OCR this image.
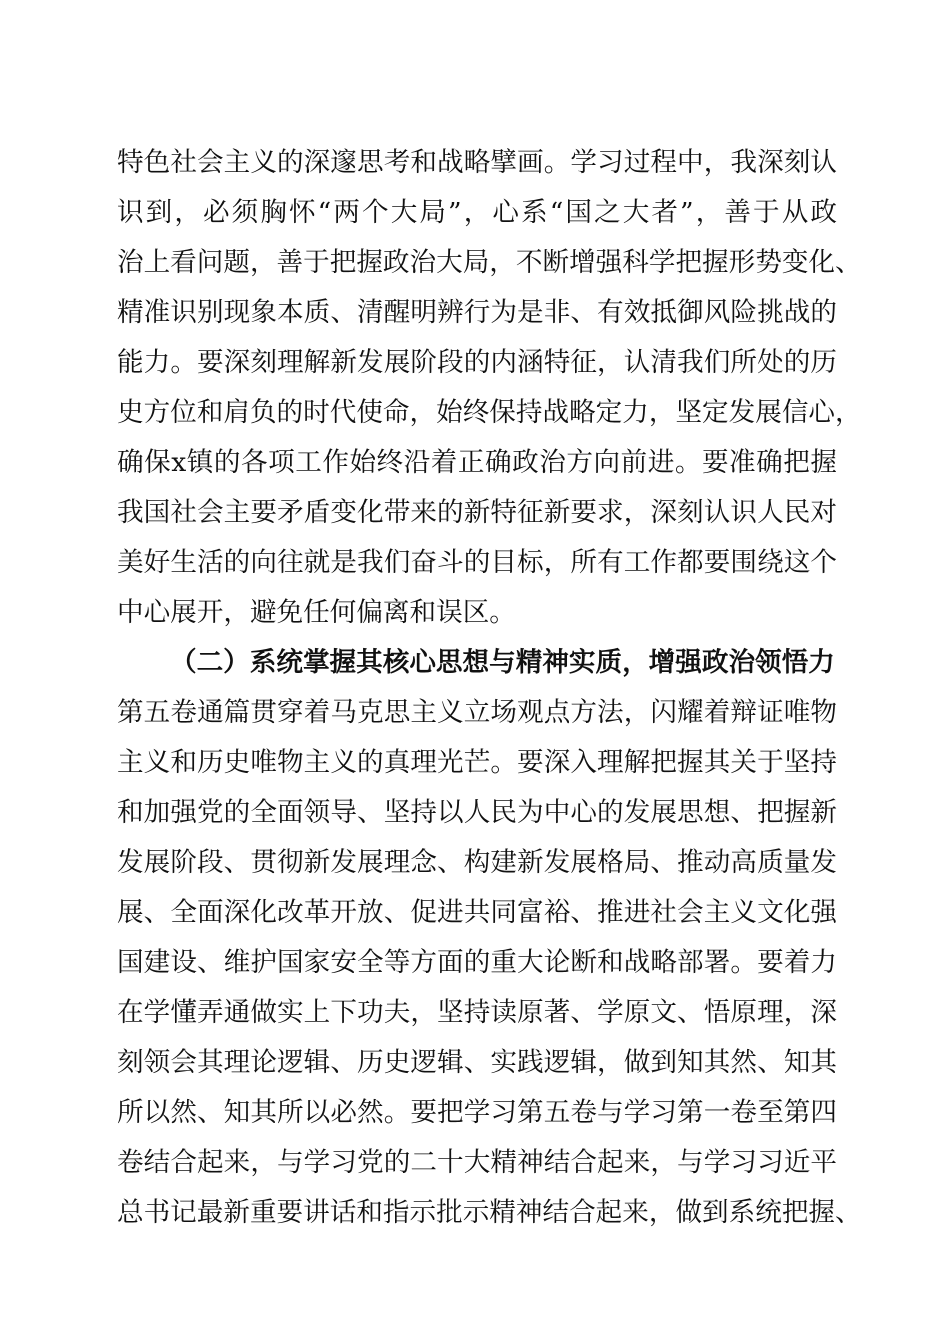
特色社会主义的深邃思考和战略擘画。学习过程中，我深刻认
识到，必须胸怀“两个大局”，心系“国之大者”，善于从政
治上看问题，善于把握政治大局，不断增强科学把握形势变化、
精准识别现象本质、清醒明辨行为是非、有效抵御风险挑战的
能力。要深刻理解新发展阶段的内涵特征，认清我们所处的历
史方位和肩负的时代使命，始终保持战略定力，坚定发展信心，
确保x镇的各项工作始终沿着正确政治方向前进。要准确把握
我国社会主要矛盾变化带来的新特征新要求，深刻认识人民对
美好生活的向往就是我们奋斗的目标，所有工作都要围绕这个
中心展开，避免任何偏离和误区。
（二）系统掌握其核心思想与精神实质，增强政治领悟力
第五卷通篇贯穿着马克思主义立场观点方法，闪耀着辩证唯物
主义和历史唯物主义的真理光芒。要深入理解把握其关于坚持
和加强党的全面领导、坚持以人民为中心的发展思想、把握新
发展阶段、贯彻新发展理念、构建新发展格局、推动高质量发
展、全面深化改革开放、促进共同富裕、推进社会主义文化强
国建设、维护国家安全等方面的重大论断和战略部署。要着力
在学懂弄通做实上下功夫，坚持读原著、学原文、悟原理，深
刻领会其理论逻辑、历史逻辑、实践逻辑，做到知其然、知其
所以然、知其所以必然。要把学习第五卷与学习第一卷至第四
卷结合起来，与学习党的二十大精神结合起来，与学习习近平
总书记最新重要讲话和指示批示精神结合起来，做到系统把握、
